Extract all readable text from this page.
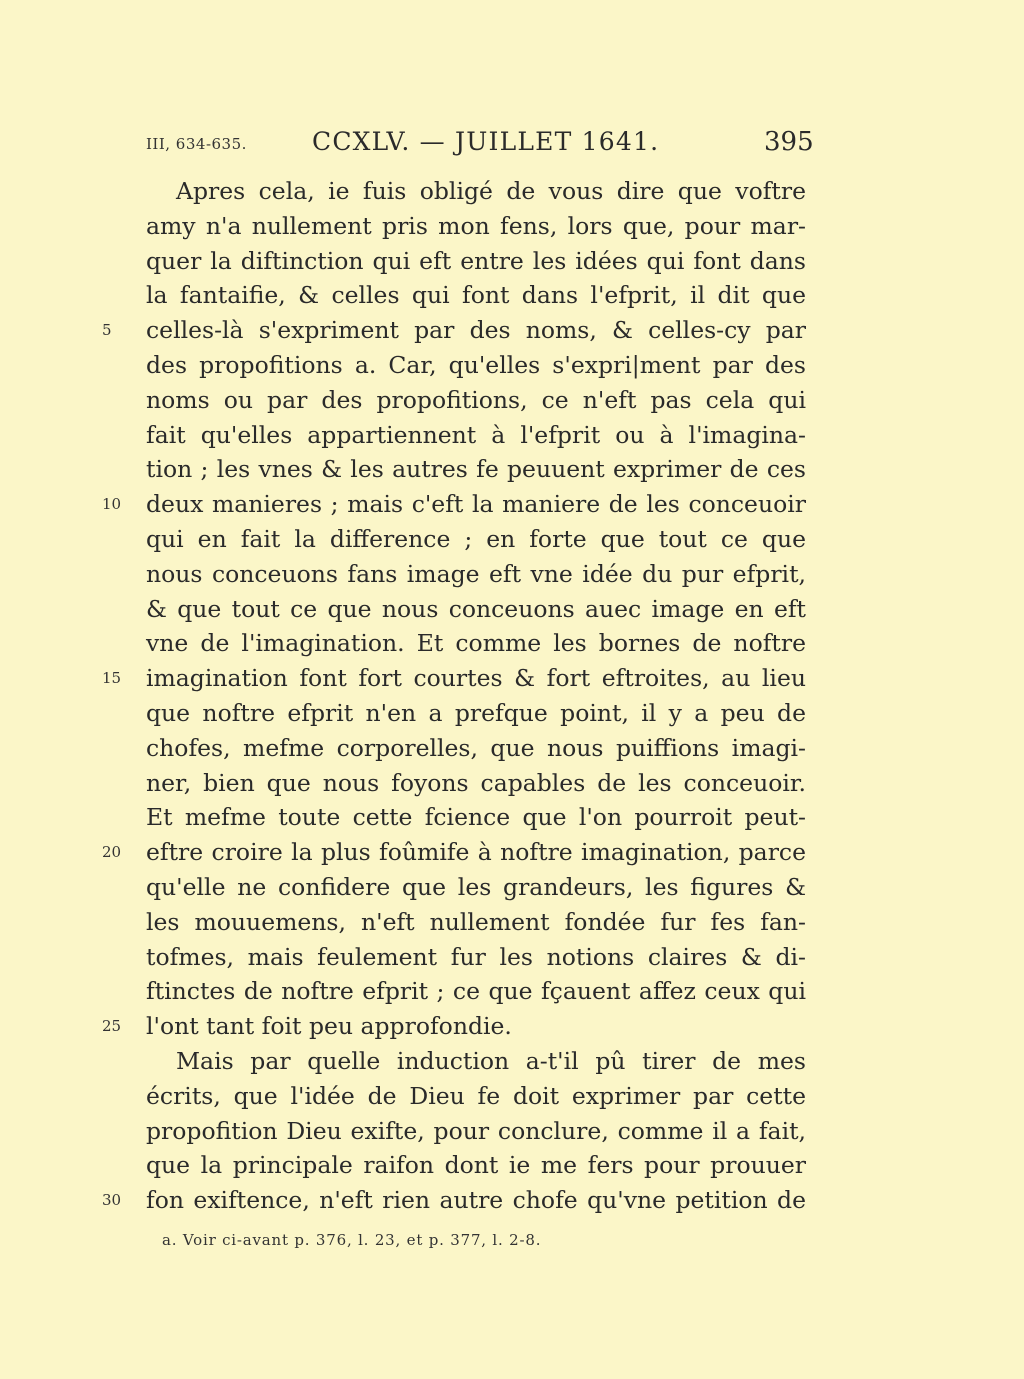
III, 634-635.	CCXLV. — JUILLET 1641.	395
Apres cela, ie fuis obligé de vous dire que voftre
amy n'a nullement pris mon fens, lors que, pour mar-
quer la diftinction qui eft entre les idées qui font dans
la fantaifie, & celles qui font dans l'efprit, il dit que
5	celles-là s'expriment par des noms, & celles-cy par
des propofitions a. Car, qu'elles s'expri|ment par des
noms ou par des propofitions, ce n'eft pas cela qui
fait qu'elles appartiennent à l'efprit ou à l'imagina-
tion ; les vnes & les autres fe peuuent exprimer de ces
10	deux manieres ; mais c'eft la maniere de les conceuoir
qui en fait la difference ; en forte que tout ce que
nous conceuons fans image eft vne idée du pur efprit,
& que tout ce que nous conceuons auec image en eft
vne de l'imagination. Et comme les bornes de noftre
15	imagination font fort courtes & fort eftroites, au lieu
que noftre efprit n'en a prefque point, il y a peu de
chofes, mefme corporelles, que nous puiffions imagi-
ner, bien que nous foyons capables de les conceuoir.
Et mefme toute cette fcience que l'on pourroit peut-
20	eftre croire la plus foûmife à noftre imagination, parce
qu'elle ne confidere que les grandeurs, les figures &
les mouuemens, n'eft nullement fondée fur fes fan-
tofmes, mais feulement fur les notions claires & di-
ftinctes de noftre efprit ; ce que fçauent affez ceux qui
25	l'ont tant foit peu approfondie.
Mais par quelle induction a-t'il pû tirer de mes
écrits, que l'idée de Dieu fe doit exprimer par cette
propofition Dieu exifte, pour conclure, comme il a fait,
que la principale raifon dont ie me fers pour prouuer
30	fon exiftence, n'eft rien autre chofe qu'vne petition de
a. Voir ci-avant p. 376, l. 23, et p. 377, l. 2-8.
